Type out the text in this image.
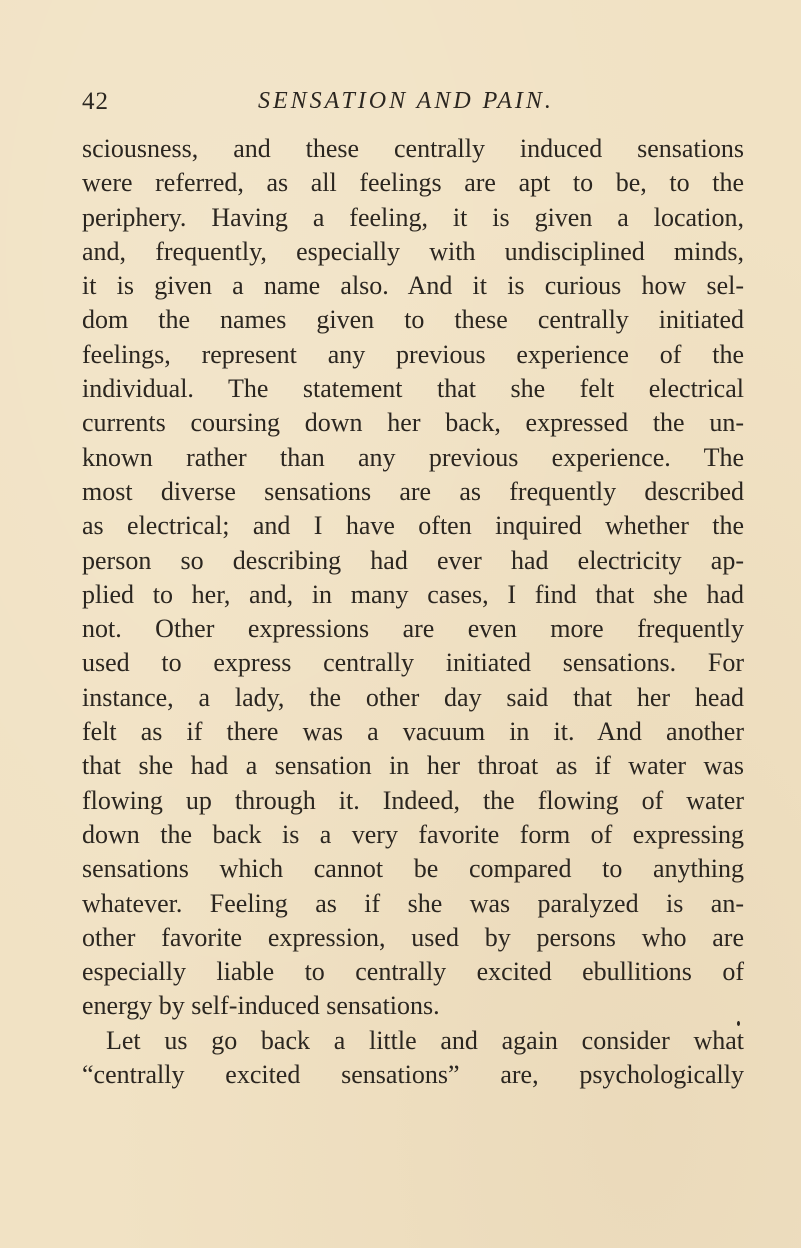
42	SENSATION AND PAIN.
sciousness, and these centrally induced sensations
were referred, as all feelings are apt to be, to the
periphery. Having a feeling, it is given a location,
and, frequently, especially with undisciplined minds,
it is given a name also. And it is curious how sel-
dom the names given to these centrally initiated
feelings, represent any previous experience of the
individual. The statement that she felt electrical
currents coursing down her back, expressed the un-
known rather than any previous experience. The
most diverse sensations are as frequently described
as electrical; and I have often inquired whether the
person so describing had ever had electricity ap-
plied to her, and, in many cases, I find that she had
not. Other expressions are even more frequently
used to express centrally initiated sensations. For
instance, a lady, the other day said that her head
felt as if there was a vacuum in it. And another
that she had a sensation in her throat as if water was
flowing up through it. Indeed, the flowing of water
down the back is a very favorite form of expressing
sensations which cannot be compared to anything
whatever. Feeling as if she was paralyzed is an-
other favorite expression, used by persons who are
especially liable to centrally excited ebullitions of
energy by self-induced sensations.
Let us go back a little and again consider what
“centrally excited sensations” are, psychologically
